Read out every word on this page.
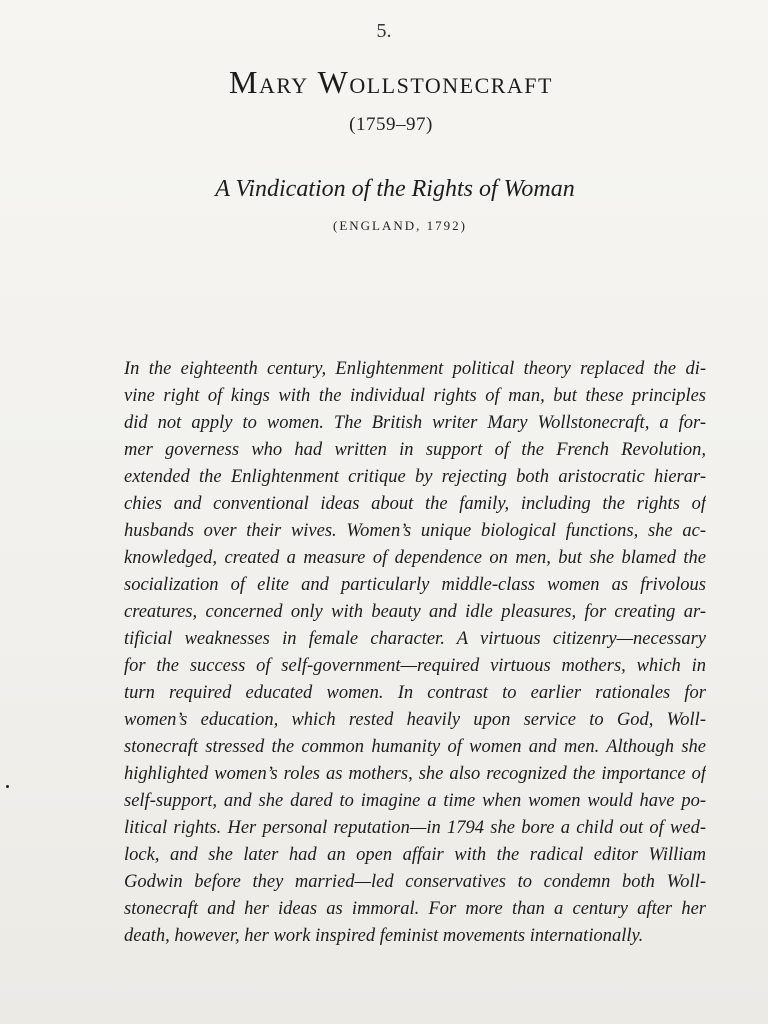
5.
Mary Wollstonecraft
(1759–97)
A Vindication of the Rights of Woman
(ENGLAND, 1792)
In the eighteenth century, Enlightenment political theory replaced the di-
vine right of kings with the individual rights of man, but these principles
did not apply to women. The British writer Mary Wollstonecraft, a for-
mer governess who had written in support of the French Revolution,
extended the Enlightenment critique by rejecting both aristocratic hierar-
chies and conventional ideas about the family, including the rights of
husbands over their wives. Women’s unique biological functions, she ac-
knowledged, created a measure of dependence on men, but she blamed the
socialization of elite and particularly middle-class women as frivolous
creatures, concerned only with beauty and idle pleasures, for creating ar-
tificial weaknesses in female character. A virtuous citizenry—necessary
for the success of self-government—required virtuous mothers, which in
turn required educated women. In contrast to earlier rationales for
women’s education, which rested heavily upon service to God, Woll-
stonecraft stressed the common humanity of women and men. Although she
highlighted women’s roles as mothers, she also recognized the importance of
self-support, and she dared to imagine a time when women would have po-
litical rights. Her personal reputation—in 1794 she bore a child out of wed-
lock, and she later had an open affair with the radical editor William
Godwin before they married—led conservatives to condemn both Woll-
stonecraft and her ideas as immoral. For more than a century after her
death, however, her work inspired feminist movements internationally.
